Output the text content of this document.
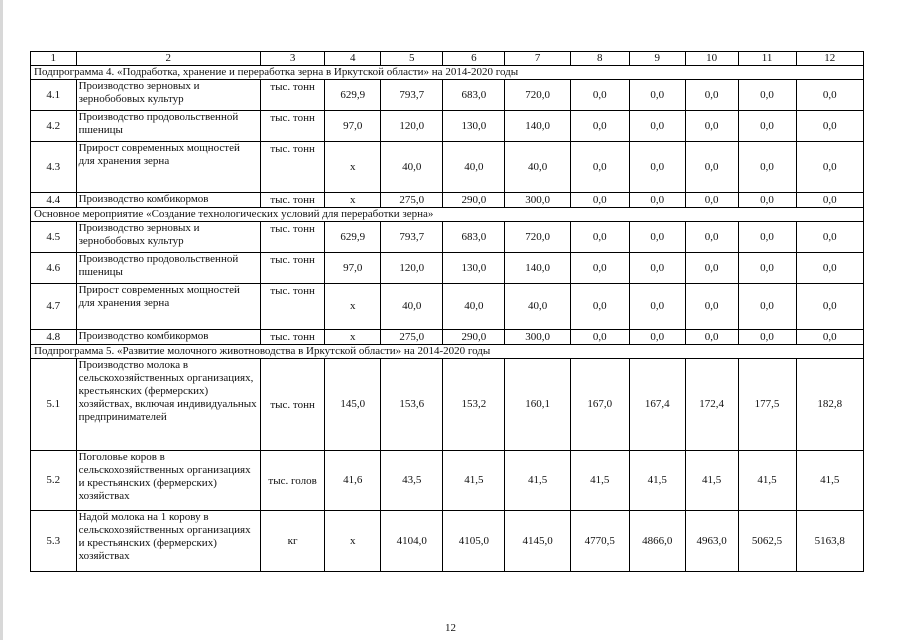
1	2	3	4	5	6	7	8	9	10	11	12
Подпрограмма 4. «Подработка, хранение и переработка зерна в Иркутской области» на 2014-2020 годы											
4.1	Производство зерновых и зернобобовых культур	тыс. тонн	629,9	793,7	683,0	720,0	0,0	0,0	0,0	0,0	0,0
4.2	Производство продовольственной пшеницы	тыс. тонн	97,0	120,0	130,0	140,0	0,0	0,0	0,0	0,0	0,0
4.3	Прирост современных мощностей для хранения зерна	тыс. тонн	х	40,0	40,0	40,0	0,0	0,0	0,0	0,0	0,0
4.4	Производство комбикормов	тыс. тонн	х	275,0	290,0	300,0	0,0	0,0	0,0	0,0	0,0
Основное мероприятие «Создание технологических условий для переработки зерна»											
4.5	Производство зерновых и зернобобовых культур	тыс. тонн	629,9	793,7	683,0	720,0	0,0	0,0	0,0	0,0	0,0
4.6	Производство продовольственной пшеницы	тыс. тонн	97,0	120,0	130,0	140,0	0,0	0,0	0,0	0,0	0,0
4.7	Прирост современных мощностей для хранения зерна	тыс. тонн	х	40,0	40,0	40,0	0,0	0,0	0,0	0,0	0,0
4.8	Производство комбикормов	тыс. тонн	х	275,0	290,0	300,0	0,0	0,0	0,0	0,0	0,0
Подпрограмма 5. «Развитие молочного животноводства в Иркутской области» на 2014-2020 годы											
5.1	Производство молока в сельскохозяйственных организациях, крестьянских (фермерских) хозяйствах, включая индивидуальных предпринимателей	тыс. тонн	145,0	153,6	153,2	160,1	167,0	167,4	172,4	177,5	182,8
5.2	Поголовье коров в сельскохозяйственных организациях и крестьянских (фермерских) хозяйствах	тыс. голов	41,6	43,5	41,5	41,5	41,5	41,5	41,5	41,5	41,5
5.3	Надой молока на 1 корову в сельскохозяйственных организациях и крестьянских (фермерских) хозяйствах	кг	х	4104,0	4105,0	4145,0	4770,5	4866,0	4963,0	5062,5	5163,8
12
